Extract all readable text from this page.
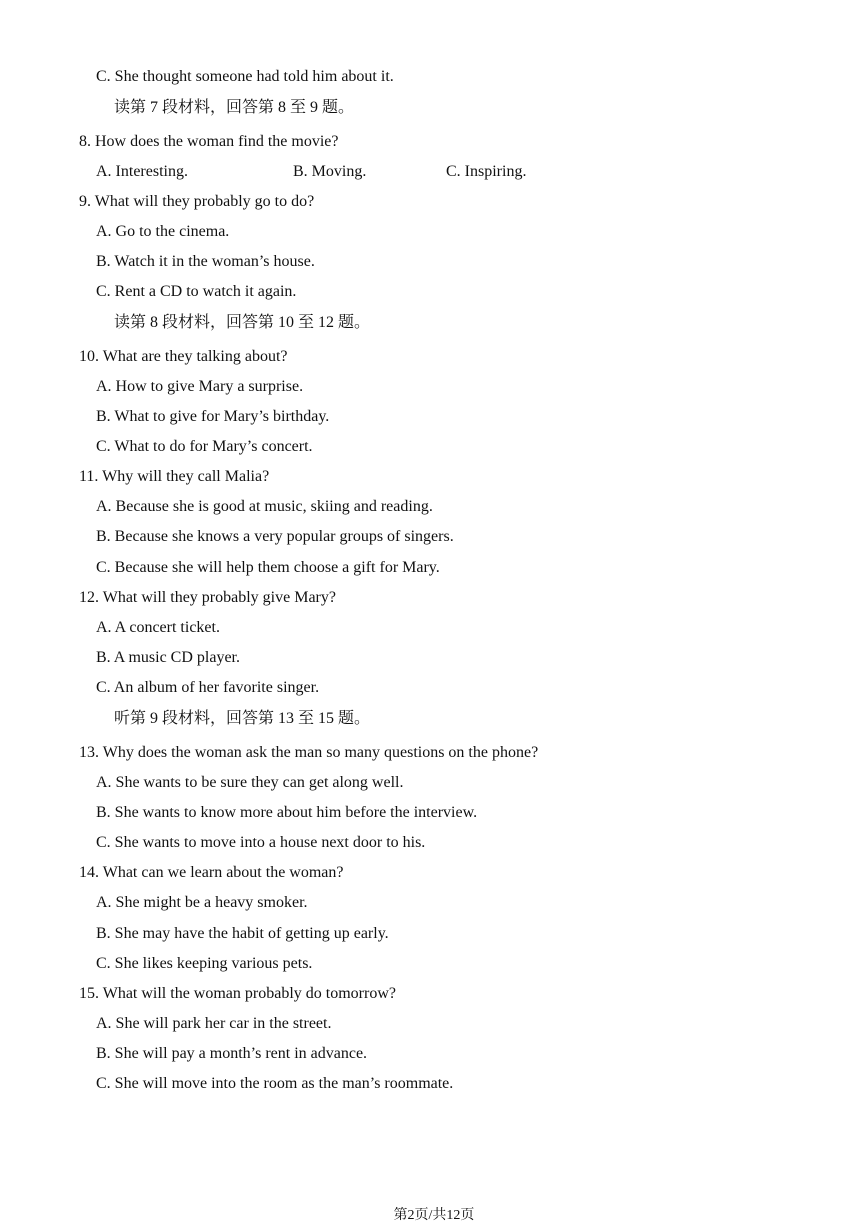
C. She thought someone had told him about it.
读第 7 段材料，回答第 8 至 9 题。
8. How does the woman find the movie?
A. Interesting.	B. Moving.	C. Inspiring.
9. What will they probably go to do?
A. Go to the cinema.
B. Watch it in the woman’s house.
C. Rent a CD to watch it again.
读第 8 段材料，回答第 10 至 12 题。
10. What are they talking about?
A. How to give Mary a surprise.
B. What to give for Mary’s birthday.
C. What to do for Mary’s concert.
11. Why will they call Malia?
A. Because she is good at music, skiing and reading.
B. Because she knows a very popular groups of singers.
C. Because she will help them choose a gift for Mary.
12. What will they probably give Mary?
A. A concert ticket.
B. A music CD player.
C. An album of her favorite singer.
听第 9 段材料，回答第 13 至 15 题。
13. Why does the woman ask the man so many questions on the phone?
A. She wants to be sure they can get along well.
B. She wants to know more about him before the interview.
C. She wants to move into a house next door to his.
14. What can we learn about the woman?
A. She might be a heavy smoker.
B. She may have the habit of getting up early.
C. She likes keeping various pets.
15. What will the woman probably do tomorrow?
A. She will park her car in the street.
B. She will pay a month’s rent in advance.
C. She will move into the room as the man’s roommate.
第2页/共12页
